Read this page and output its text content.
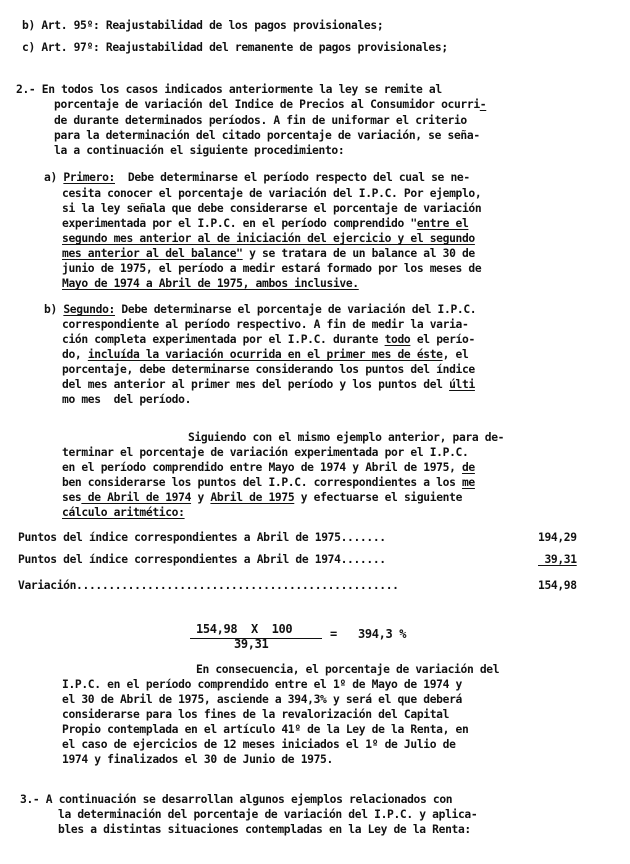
b) Art. 95º: Reajustabilidad de los pagos provisionales;
c) Art. 97º: Reajustabilidad del remanente de pagos provisionales;
2.- En todos los casos indicados anteriormente la ley se remite al
porcentaje de variación del Indice de Precios al Consumidor ocurri-
de durante determinados períodos. A fin de uniformar el criterio
para la determinación del citado porcentaje de variación, se seña-
la a continuación el siguiente procedimiento:
a) Primero:  Debe determinarse el período respecto del cual se ne-
cesita conocer el porcentaje de variación del I.P.C. Por ejemplo,
si la ley señala que debe considerarse el porcentaje de variación
experimentada por el I.P.C. en el período comprendido "entre el
segundo mes anterior al de iniciación del ejercicio y el segundo
mes anterior al del balance" y se tratara de un balance al 30 de
junio de 1975, el período a medir estará formado por los meses de
Mayo de 1974 a Abril de 1975, ambos inclusive.
b) Segundo: Debe determinarse el porcentaje de variación del I.P.C.
correspondiente al período respectivo. A fin de medir la varia-
ción completa experimentada por el I.P.C. durante todo el perío-
do, incluída la variación ocurrida en el primer mes de éste, el
porcentaje, debe determinarse considerando los puntos del índice
del mes anterior al primer mes del período y los puntos del últi
mo mes  del período.
Siguiendo con el mismo ejemplo anterior, para de-
terminar el porcentaje de variación experimentada por el I.P.C.
en el período comprendido entre Mayo de 1974 y Abril de 1975, de
ben considerarse los puntos del I.P.C. correspondientes a los me
ses de Abril de 1974 y Abril de 1975 y efectuarse el siguiente
cálculo aritmético:
Puntos del índice correspondientes a Abril de 1975.......	194,29
Puntos del índice correspondientes a Abril de 1974.......	39,31
Variación..................................................	154,98
154,98  X  100
39,31
= 394,3 %
En consecuencia, el porcentaje de variación del
I.P.C. en el período comprendido entre el 1º de Mayo de 1974 y
el 30 de Abril de 1975, asciende a 394,3% y será el que deberá
considerarse para los fines de la revalorización del Capital
Propio contemplada en el artículo 41º de la Ley de la Renta, en
el caso de ejercicios de 12 meses iniciados el 1º de Julio de
1974 y finalizados el 30 de Junio de 1975.
3.- A continuación se desarrollan algunos ejemplos relacionados con
la determinación del porcentaje de variación del I.P.C. y aplica-
bles a distintas situaciones contempladas en la Ley de la Renta:
